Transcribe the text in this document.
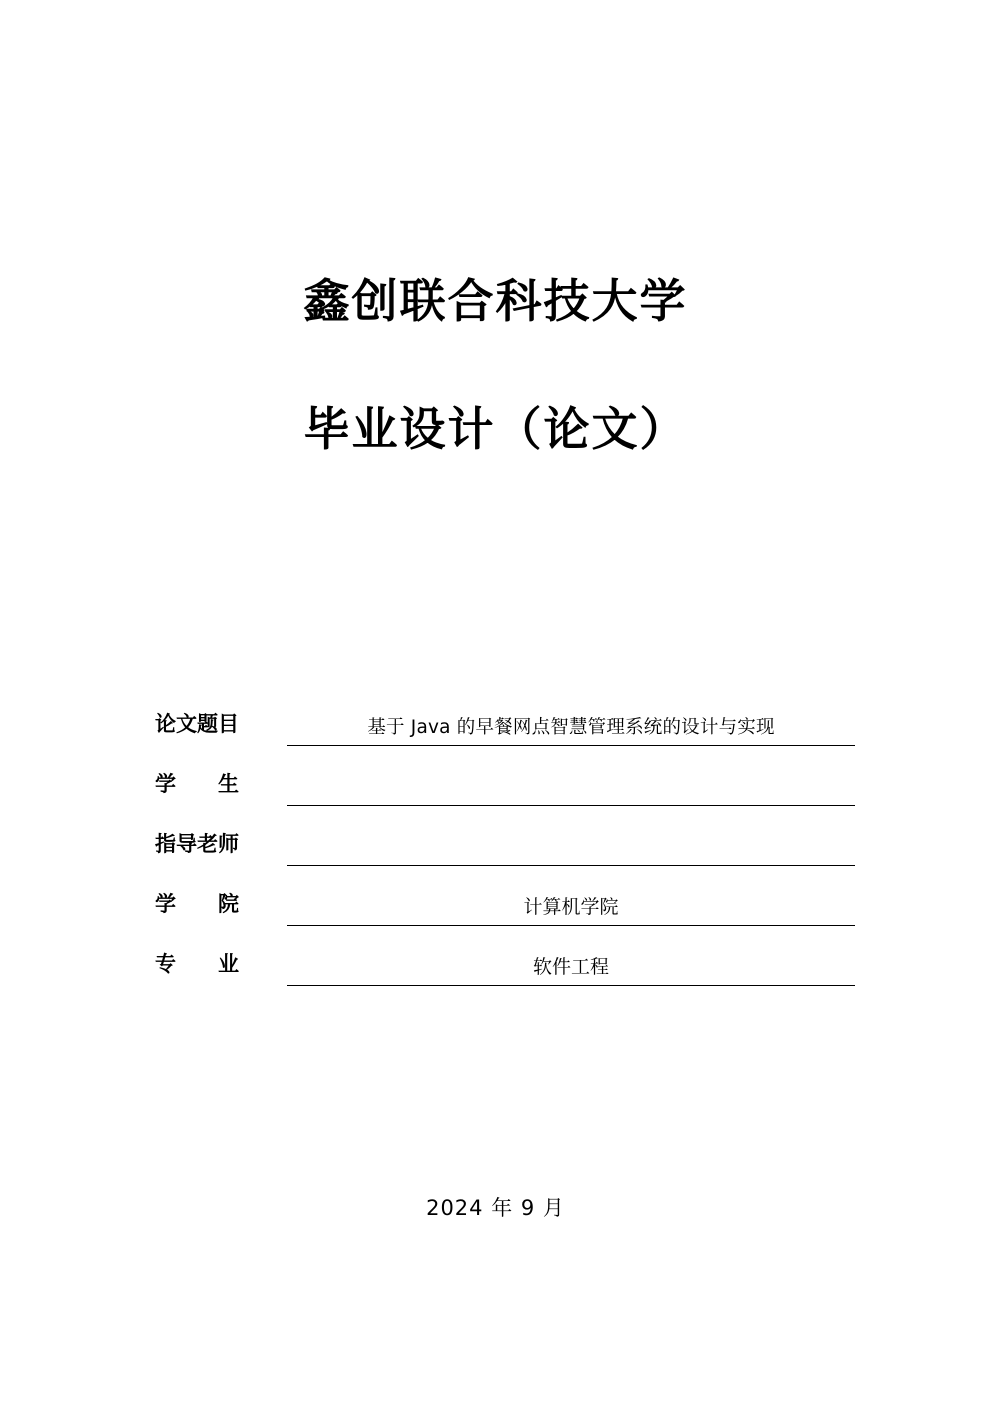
鑫创联合科技大学
毕业设计（论文）
论文题目	基于 Java 的早餐网点智慧管理系统的设计与实现
学　　生
指导老师
学　　院	计算机学院
专　　业	软件工程
2024 年 9 月
